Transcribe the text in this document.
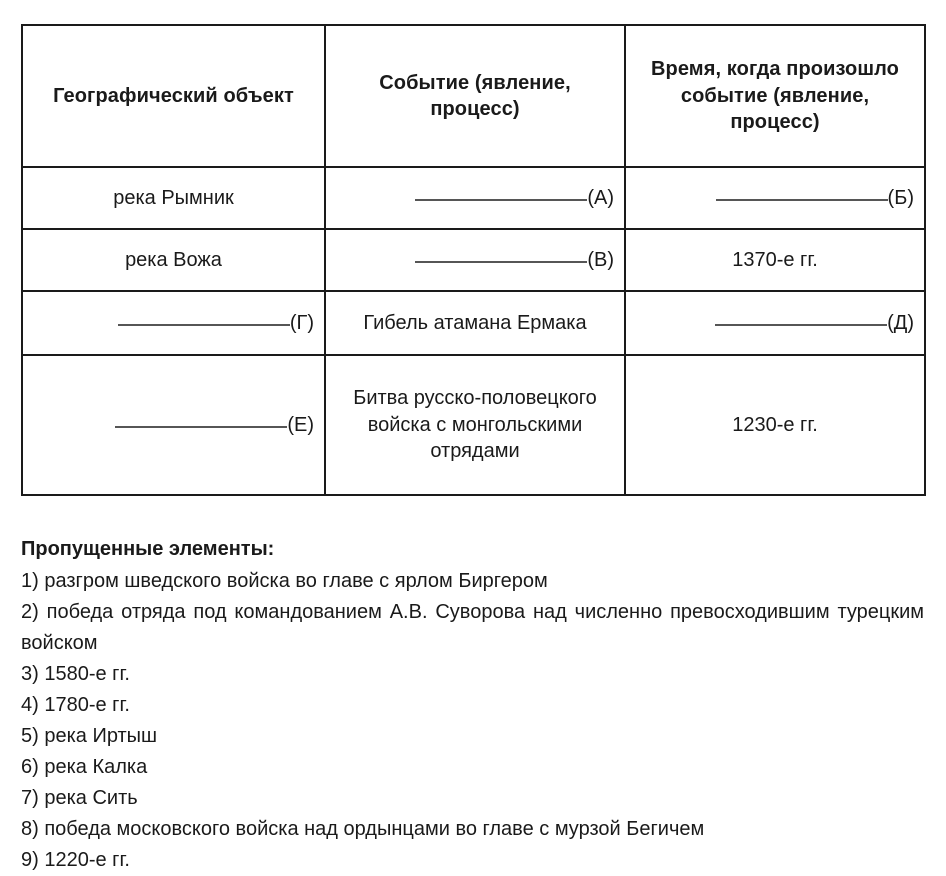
Географический объект	Событие (явление, процесс)	Время, когда произошло событие (явление, процесс)
река Рымник	(А)	(Б)

река Вожа	(В)	1370-е гг.

(Г)	Гибель атамана Ермака	(Д)

(Е)	Битва русско-половецкого войска с монгольскими отрядами	1230-е гг.
Пропущенные элементы:
1) разгром шведского войска во главе с ярлом Биргером
2) победа отряда под командованием А.В. Суворова над численно превосходившим турецким войском
3) 1580-е гг.
4) 1780-е гг.
5) река Иртыш
6) река Калка
7) река Сить
8) победа московского войска над ордынцами во главе с мурзой Бегичем
9) 1220-е гг.
